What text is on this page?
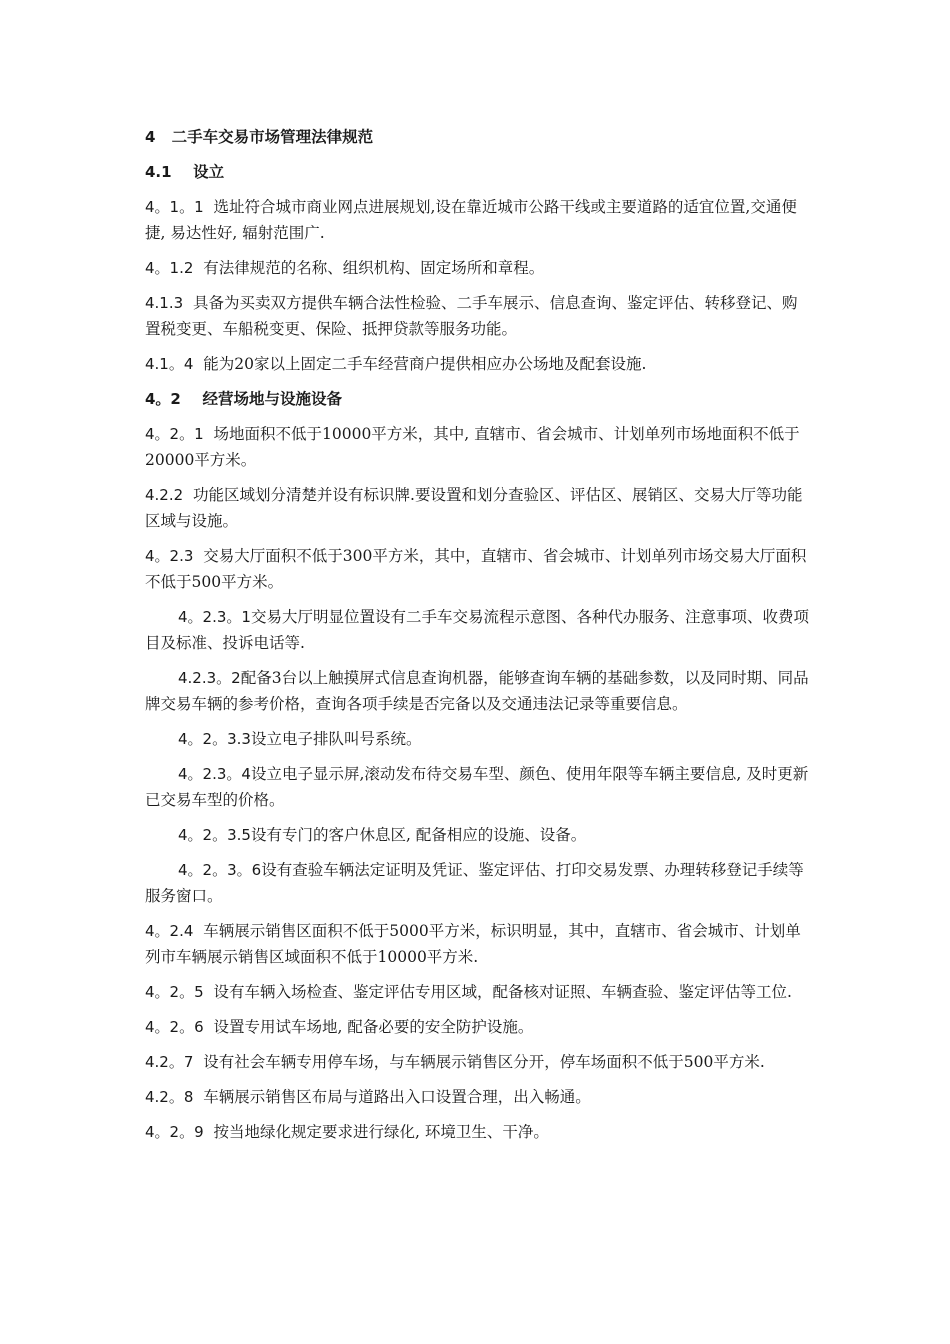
4 二手车交易市场管理法律规范
4.1 设立
4。1。1 选址符合城市商业网点进展规划,设在靠近城市公路干线或主要道路的适宜位置,交通便捷, 易达性好, 辐射范围广.
4。1.2 有法律规范的名称、组织机构、固定场所和章程。
4.1.3 具备为买卖双方提供车辆合法性检验、二手车展示、信息查询、鉴定评估、转移登记、购置税变更、车船税变更、保险、抵押贷款等服务功能。
4.1。4 能为20家以上固定二手车经营商户提供相应办公场地及配套设施.
4。2 经营场地与设施设备
4。2。1 场地面积不低于10000平方米，其中, 直辖市、省会城市、计划单列市场地面积不低于20000平方米。
4.2.2 功能区域划分清楚并设有标识牌.要设置和划分查验区、评估区、展销区、交易大厅等功能区域与设施。
4。2.3 交易大厅面积不低于300平方米，其中，直辖市、省会城市、计划单列市场交易大厅面积不低于500平方米。
4。2.3。1交易大厅明显位置设有二手车交易流程示意图、各种代办服务、注意事项、收费项目及标准、投诉电话等.
4.2.3。2配备3台以上触摸屏式信息查询机器，能够查询车辆的基础参数，以及同时期、同品牌交易车辆的参考价格，查询各项手续是否完备以及交通违法记录等重要信息。
4。2。3.3设立电子排队叫号系统。
4。2.3。4设立电子显示屏,滚动发布待交易车型、颜色、使用年限等车辆主要信息, 及时更新已交易车型的价格。
4。2。3.5设有专门的客户休息区, 配备相应的设施、设备。
4。2。3。6设有查验车辆法定证明及凭证、鉴定评估、打印交易发票、办理转移登记手续等服务窗口。
4。2.4 车辆展示销售区面积不低于5000平方米，标识明显，其中，直辖市、省会城市、计划单列市车辆展示销售区域面积不低于10000平方米.
4。2。5 设有车辆入场检查、鉴定评估专用区域，配备核对证照、车辆查验、鉴定评估等工位.
4。2。6 设置专用试车场地, 配备必要的安全防护设施。
4.2。7 设有社会车辆专用停车场，与车辆展示销售区分开，停车场面积不低于500平方米.
4.2。8 车辆展示销售区布局与道路出入口设置合理，出入畅通。
4。2。9 按当地绿化规定要求进行绿化, 环境卫生、干净。
